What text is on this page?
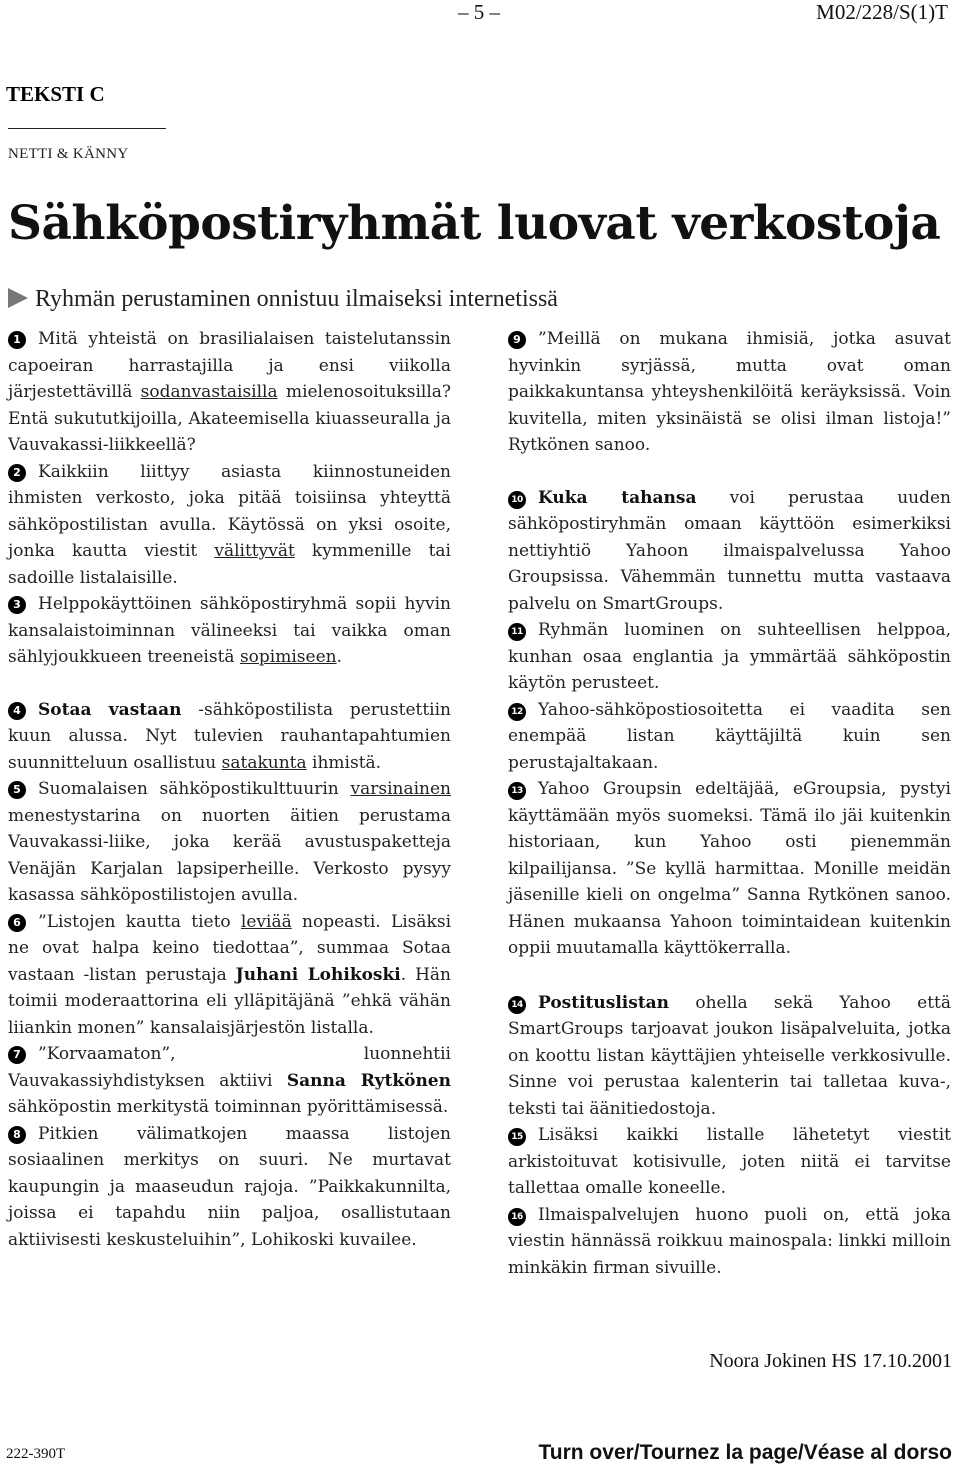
– 5 –	M02/228/S(1)T
TEKSTI C
NETTI & KÄNNY
Sähköpostiryhmät luovat verkostoja
Ryhmän perustaminen onnistuu ilmaiseksi internetissä

1 Mitä yhteistä on brasilialaisen taistelutanssin capoeiran harrastajilla ja ensi viikolla järjestettävillä sodanvastaisilla mielenosoituksilla? Entä sukututkijoilla, Akateemisella kiuasseuralla ja Vauvakassi-liikkeellä?

2 Kaikkiin liittyy asiasta kiinnostuneiden ihmisten verkosto, joka pitää toisiinsa yhteyttä sähköpostilistan avulla. Käytössä on yksi osoite, jonka kautta viestit välittyvät kymmenille tai sadoille listalaisille.

3 Helppokäyttöinen sähköpostiryhmä sopii hyvin kansalaistoiminnan välineeksi tai vaikka oman sählyjoukkueen treeneistä sopimiseen.

4 Sotaa vastaan -sähköpostilista perustettiin kuun alussa. Nyt tulevien rauhantapahtumien suunnitteluun osallistuu satakunta ihmistä.

5 Suomalaisen sähköpostikulttuurin varsinainen menestystarina on nuorten äitien perustama Vauvakassi-liike, joka kerää avustuspaketteja Venäjän Karjalan lapsiperheille. Verkosto pysyy kasassa sähköpostilistojen avulla.

6 ”Listojen kautta tieto leviää nopeasti. Lisäksi ne ovat halpa keino tiedottaa”, summaa Sotaa vastaan -listan perustaja Juhani Lohikoski. Hän toimii moderaattorina eli ylläpitäjänä ”ehkä vähän liiankin monen” kansalaisjärjestön listalla.

7 ”Korvaamaton”, luonnehtii Vauvakassiyhdistyksen aktiivi Sanna Rytkönen sähköpostin merkitystä toiminnan pyörittämisessä.

8 Pitkien välimatkojen maassa listojen sosiaalinen merkitys on suuri. Ne murtavat kaupungin ja maaseudun rajoja. ”Paikkakunnilta, joissa ei tapahdu niin paljoa, osallistutaan aktiivisesti keskusteluihin”, Lohikoski kuvailee.

9 ”Meillä on mukana ihmisiä, jotka asuvat hyvinkin syrjässä, mutta ovat oman paikkakuntansa yhteyshenkilöitä keräyksissä. Voin kuvitella, miten yksinäistä se olisi ilman listoja!” Rytkönen sanoo.

10 Kuka tahansa voi perustaa uuden sähköpostiryhmän omaan käyttöön esimerkiksi nettiyhtiö Yahoon ilmaispalvelussa Yahoo Groupsissa. Vähemmän tunnettu mutta vastaava palvelu on SmartGroups.

11 Ryhmän luominen on suhteellisen helppoa, kunhan osaa englantia ja ymmärtää sähköpostin käytön perusteet.

12 Yahoo-sähköpostiosoitetta ei vaadita sen enempää listan käyttäjiltä kuin sen perustajaltakaan.

13 Yahoo Groupsin edeltäjää, eGroupsia, pystyi käyttämään myös suomeksi. Tämä ilo jäi kuitenkin historiaan, kun Yahoo osti pienemmän kilpailijansa. ”Se kyllä harmittaa. Monille meidän jäsenille kieli on ongelma” Sanna Rytkönen sanoo. Hänen mukaansa Yahoon toimintaidean kuitenkin oppii muutamalla käyttökerralla.

14 Postituslistan ohella sekä Yahoo että SmartGroups tarjoavat joukon lisäpalveluita, jotka on koottu listan käyttäjien yhteiselle verkkosivulle. Sinne voi perustaa kalenterin tai talletaa kuva-, teksti tai äänitiedostoja.

15 Lisäksi kaikki listalle lähetetyt viestit arkistoituvat kotisivulle, joten niitä ei tarvitse tallettaa omalle koneelle.

16 Ilmaispalvelujen huono puoli on, että joka viestin hännässä roikkuu mainospala: linkki milloin minkäkin firman sivuille.

Noora Jokinen HS 17.10.2001
222-390T	Turn over/Tournez la page/Véase al dorso
